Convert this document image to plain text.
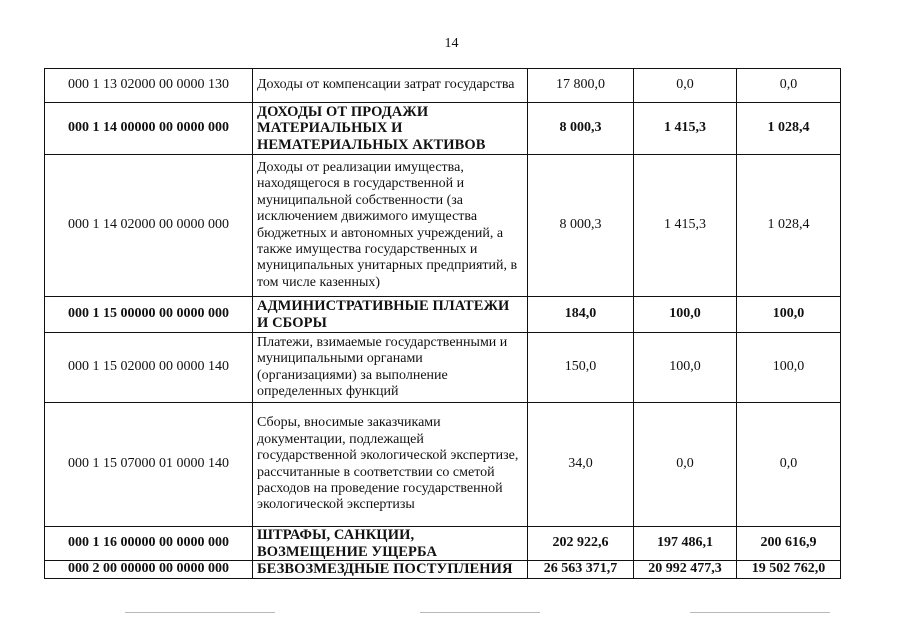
14
000 1 13 02000 00 0000 130	Доходы от компенсации затрат государства	17 800,0	0,0	0,0
000 1 14 00000 00 0000 000	ДОХОДЫ ОТ ПРОДАЖИ МАТЕРИАЛЬНЫХ И НЕМАТЕРИАЛЬНЫХ АКТИВОВ	8 000,3	1 415,3	1 028,4
000 1 14 02000 00 0000 000	Доходы от реализации имущества, находящегося в государственной и муниципальной собственности (за исключением движимого имущества бюджетных и автономных учреждений, а также имущества государственных и муниципальных унитарных предприятий, в том числе казенных)	8 000,3	1 415,3	1 028,4
000 1 15 00000 00 0000 000	АДМИНИСТРАТИВНЫЕ ПЛАТЕЖИ И СБОРЫ	184,0	100,0	100,0
000 1 15 02000 00 0000 140	Платежи, взимаемые государственными и муниципальными органами (организациями) за выполнение определенных функций	150,0	100,0	100,0
000 1 15 07000 01 0000 140	Сборы, вносимые заказчиками документации, подлежащей государственной экологической экспертизе, рассчитанные в соответствии со сметой расходов на проведение государственной экологической экспертизы	34,0	0,0	0,0
000 1 16 00000 00 0000 000	ШТРАФЫ, САНКЦИИ, ВОЗМЕЩЕНИЕ УЩЕРБА	202 922,6	197 486,1	200 616,9
000 2 00 00000 00 0000 000	БЕЗВОЗМЕЗДНЫЕ ПОСТУПЛЕНИЯ	26 563 371,7	20 992 477,3	19 502 762,0
